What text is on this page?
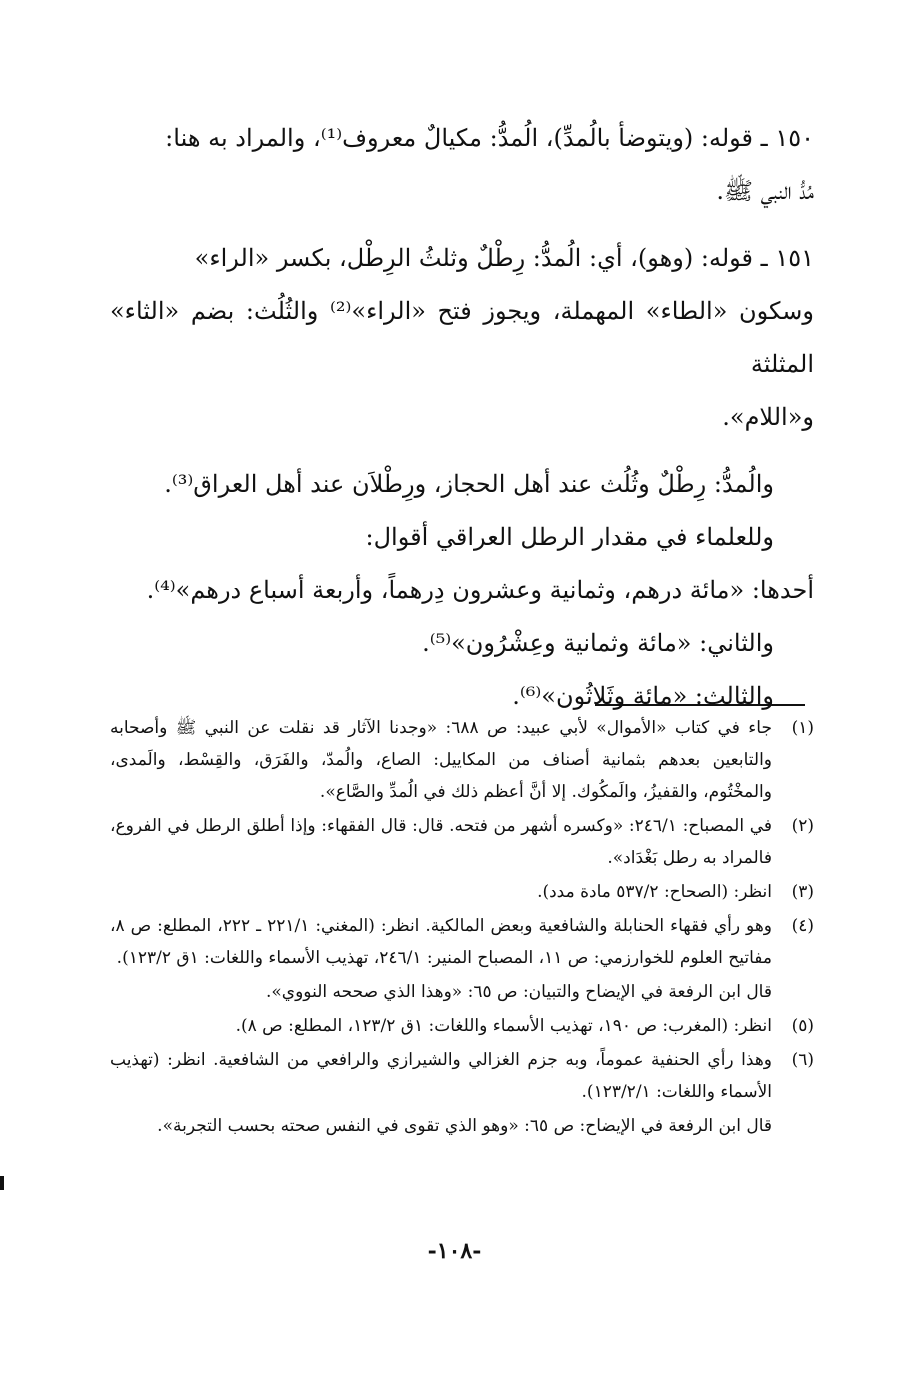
١٥٠ ـ قوله: (ويتوضأ بالُمدِّ)، الُمدُّ: مكيالٌ معروف⁽¹⁾، والمراد به هنا:

مُدُّ النبي ﷺ.

١٥١ ـ قوله: (وهو)، أي: الُمدُّ: رِطْلٌ وثلثُ الرِطْل، بكسر «الراء»

وسكون «الطاء» المهملة، ويجوز فتح «الراء»⁽²⁾ والثُلُث: بضم «الثاء» المثلثة

و«اللام».

والُمدُّ: رِطْلٌ وثُلُث عند أهل الحجاز، ورِطْلاَن عند أهل العراق⁽³⁾.

وللعلماء في مقدار الرطل العراقي أقوال:

أحدها: «مائة درهم، وثمانية وعشرون دِرهماً، وأربعة أسباع درهم»⁽⁴⁾.

والثاني: «مائة وثمانية وعِشْرُون»⁽⁵⁾.

والثالث: «مائة وثَلاثُون»⁽⁶⁾.

(١)
جاء في كتاب «الأموال» لأبي عبيد: ص ٦٨٨: «وجدنا الآثار قد نقلت عن النبي ﷺ وأصحابه والتابعين بعدهم بثمانية أصناف من المكاييل: الصاع، والُمدّ، والفَرَق، والقِسْط، والَمدى، والمخْتُوم، والقفيزُ، والَمكُوك. إلا أنَّ أعظم ذلك في الُمدِّ والصَّاع».
(٢)
في المصباح: ٢٤٦/١: «وكسره أشهر من فتحه. قال: قال الفقهاء: وإذا أطلق الرطل في الفروع، فالمراد به رطل بَغْدَاد».
(٣)
انظر: (الصحاح: ٥٣٧/٢ مادة مدد).
(٤)
وهو رأي فقهاء الحنابلة والشافعية وبعض المالكية. انظر: (المغني: ٢٢١/١ ـ ٢٢٢، المطلع: ص ٨، مفاتيح العلوم للخوارزمي: ص ١١، المصباح المنير: ٢٤٦/١، تهذيب الأسماء واللغات: ١ق ١٢٣/٢).
قال ابن الرفعة في الإيضاح والتبيان: ص ٦٥: «وهذا الذي صححه النووي».
(٥)
انظر: (المغرب: ص ١٩٠، تهذيب الأسماء واللغات: ١ق ١٢٣/٢، المطلع: ص ٨).
(٦)
وهذا رأي الحنفية عموماً، وبه جزم الغزالي والشيرازي والرافعي من الشافعية. انظر: (تهذيب الأسماء واللغات: ١٢٣/٢/١).
قال ابن الرفعة في الإيضاح: ص ٦٥: «وهو الذي تقوى في النفس صحته بحسب التجربة».
-١٠٨-
